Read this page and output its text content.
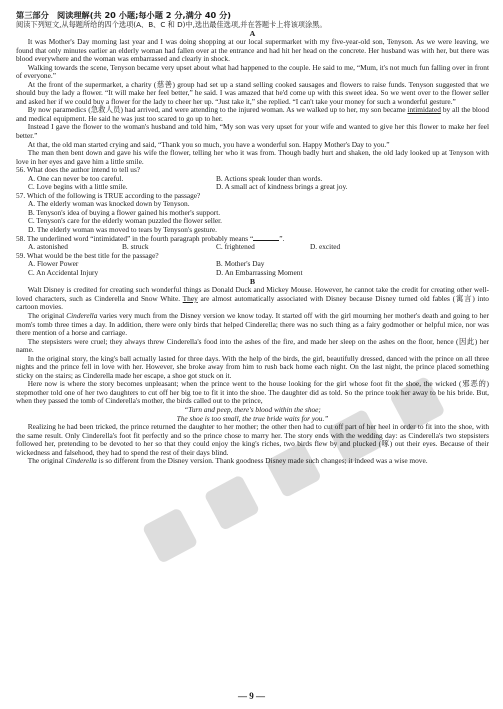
第三部分　阅读理解(共 20 小题;每小题 2 分,满分 40 分)
阅读下列短文,从每题所给的四个选项(A、B、C 和 D)中,选出最佳选项,并在答题卡上将该项涂黑。
A

It was Mother's Day morning last year and I was doing shopping at our local supermarket with my five-year-old son, Tenyson. As we were leaving, we found that only minutes earlier an elderly woman had fallen over at the entrance and had hit her head on the concrete. Her husband was with her, but there was blood everywhere and the woman was embarrassed and clearly in shock.

Walking towards the scene, Tenyson became very upset about what had happened to the couple. He said to me, “Mum, it's not much fun falling over in front of everyone.”

At the front of the supermarket, a charity (慈善) group had set up a stand selling cooked sausages and flowers to raise funds. Tenyson suggested that we should buy the lady a flower. “It will make her feel better,” he said. I was amazed that he'd come up with this sweet idea. So we went over to the flower seller and asked her if we could buy a flower for the lady to cheer her up. “Just take it,” she replied. “I can't take your money for such a wonderful gesture.”

By now paramedics (急救人员) had arrived, and were attending to the injured woman. As we walked up to her, my son became intimidated by all the blood and medical equipment. He said he was just too scared to go up to her.

Instead I gave the flower to the woman's husband and told him, “My son was very upset for your wife and wanted to give her this flower to make her feel better.”

At that, the old man started crying and said, “Thank you so much, you have a wonderful son. Happy Mother's Day to you.”

The man then bent down and gave his wife the flower, telling her who it was from. Though badly hurt and shaken, the old lady looked up at Tenyson with love in her eyes and gave him a little smile.

56. What does the author intend to tell us?

A. One can never be too careful.	B. Actions speak louder than words.
C. Love begins with a little smile.	D. A small act of kindness brings a great joy.

57. Which of the following is TRUE according to the passage?

A. The elderly woman was knocked down by Tenyson.
B. Tenyson's idea of buying a flower gained his mother's support.
C. Tenyson's care for the elderly woman puzzled the flower seller.
D. The elderly woman was moved to tears by Tenyson's gesture.

58. The underlined word “intimidated” in the fourth paragraph probably means “	”.

A. astonished	B. struck	C. frightened	D. excited

59. What would be the best title for the passage?

A. Flower Power	B. Mother's Day
C. An Accidental Injury	D. An Embarrassing Moment
B

Walt Disney is credited for creating such wonderful things as Donald Duck and Mickey Mouse. However, he cannot take the credit for creating other well-loved characters, such as Cinderella and Snow White. They are almost automatically associated with Disney because Disney turned old fables (寓言) into cartoon movies.

The original Cinderella varies very much from the Disney version we know today. It started off with the girl mourning her mother's death and going to her mom's tomb three times a day. In addition, there were only birds that helped Cinderella; there was no such thing as a fairy godmother or helpful mice, nor was there mention of a horse and carriage.

The stepsisters were cruel; they always threw Cinderella's food into the ashes of the fire, and made her sleep on the ashes on the floor, hence (因此) her name.

In the original story, the king's ball actually lasted for three days. With the help of the birds, the girl, beautifully dressed, danced with the prince on all three nights and the prince fell in love with her. However, she broke away from him to rush back home each night. On the last night, the prince placed something sticky on the stairs; as Cinderella made her escape, a shoe got stuck on it.

Here now is where the story becomes unpleasant; when the prince went to the house looking for the girl whose foot fit the shoe, the wicked (邪恶的) stepmother told one of her two daughters to cut off her big toe to fit it into the shoe. The daughter did as told. So the prince took her away to be his bride. But, when they passed the tomb of Cinderella's mother, the birds called out to the prince,

“Turn and peep, there's blood within the shoe;
The shoe is too small, the true bride waits for you.”

Realizing he had been tricked, the prince returned the daughter to her mother; the other then had to cut off part of her heel in order to fit into the shoe, with the same result. Only Cinderella's foot fit perfectly and so the prince chose to marry her. The story ends with the wedding day: as Cinderella's two stepsisters followed her, pretending to be devoted to her so that they could enjoy the king's riches, two birds flew by and plucked (啄) out their eyes. Because of their wickedness and falsehood, they had to spend the rest of their days blind.

The original Cinderella is so different from the Disney version. Thank goodness Disney made such changes; it indeed was a wise move.

— 9 —
